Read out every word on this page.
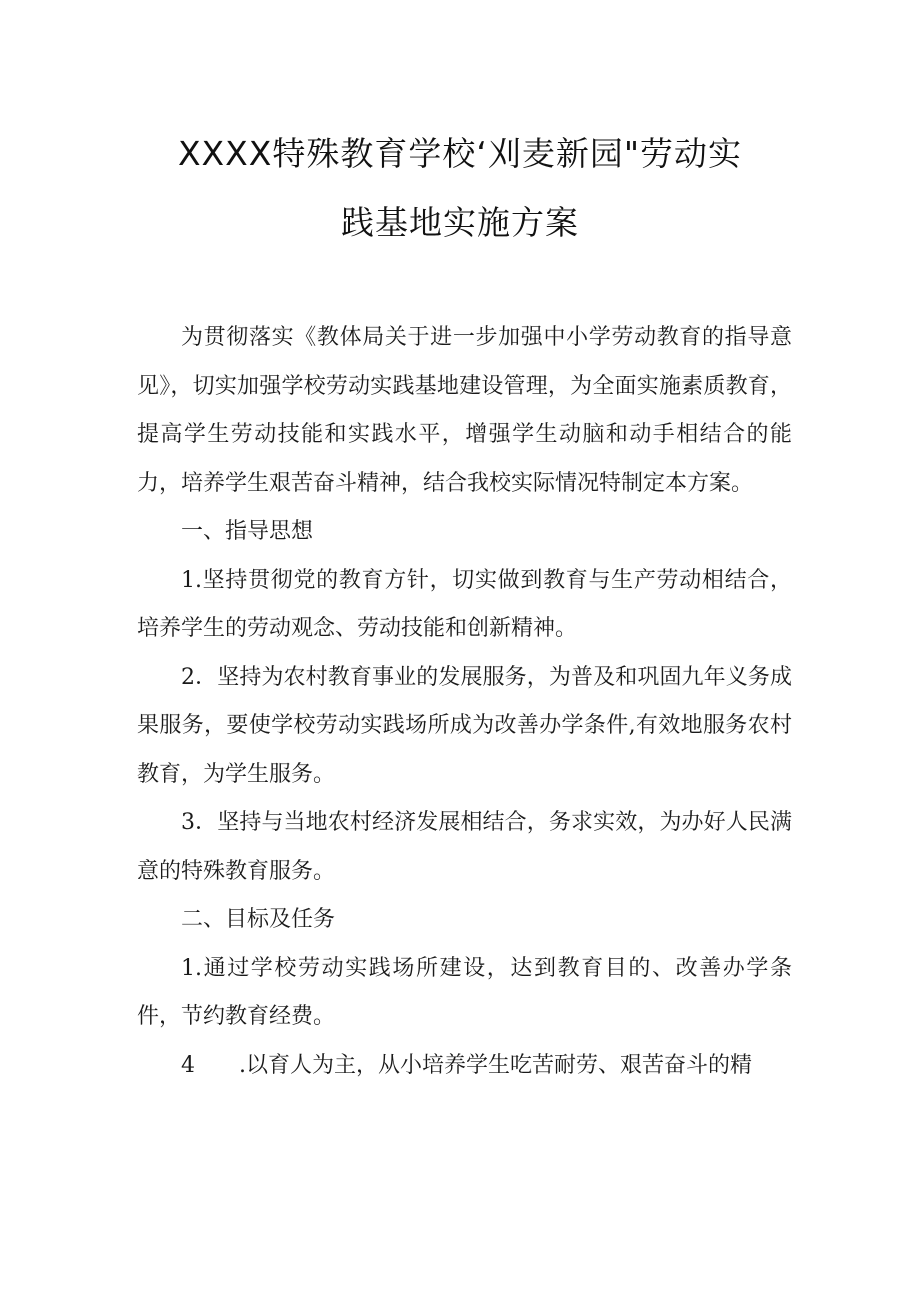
XXXX特殊教育学校‘刈麦新园"劳动实
践基地实施方案

为贯彻落实《教体局关于进一步加强中小学劳动教育的指导意见》，切实加强学校劳动实践基地建设管理，为全面实施素质教育，提高学生劳动技能和实践水平，增强学生动脑和动手相结合的能力，培养学生艰苦奋斗精神，结合我校实际情况特制定本方案。

一、指导思想

1.坚持贯彻党的教育方针，切实做到教育与生产劳动相结合，培养学生的劳动观念、劳动技能和创新精神。

2．坚持为农村教育事业的发展服务，为普及和巩固九年义务成果服务，要使学校劳动实践场所成为改善办学条件,有效地服务农村教育，为学生服务。

3．坚持与当地农村经济发展相结合，务求实效，为办好人民满意的特殊教育服务。

二、目标及任务

1.通过学校劳动实践场所建设，达到教育目的、改善办学条件，节约教育经费。

4　　.以育人为主，从小培养学生吃苦耐劳、艰苦奋斗的精
